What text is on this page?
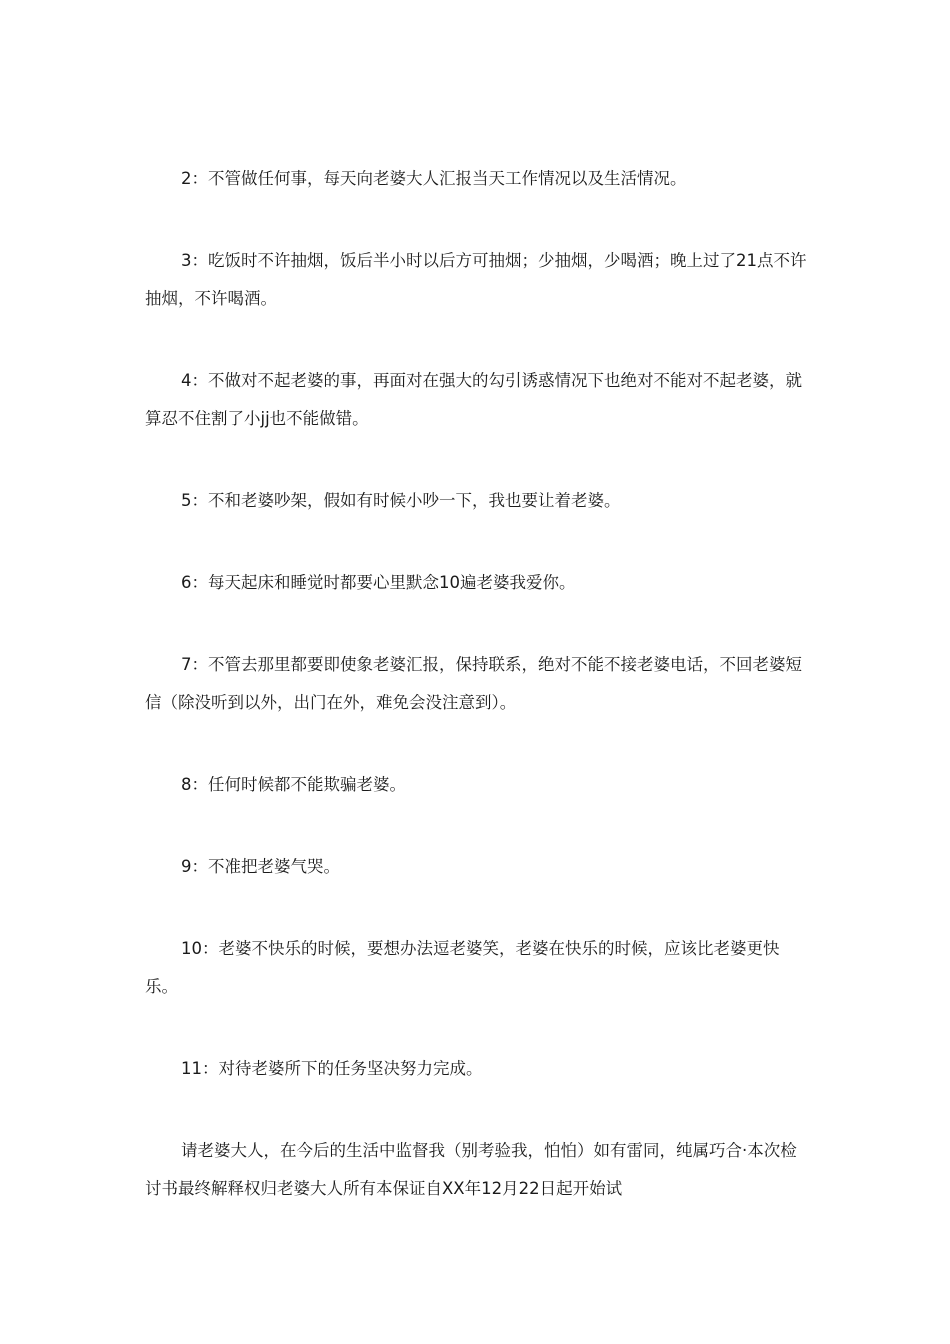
2：不管做任何事，每天向老婆大人汇报当天工作情况以及生活情况。

3：吃饭时不许抽烟，饭后半小时以后方可抽烟；少抽烟，少喝酒；晚上过了21点不许抽烟，不许喝酒。

4：不做对不起老婆的事，再面对在强大的勾引诱惑情况下也绝对不能对不起老婆，就算忍不住割了小jj也不能做错。

5：不和老婆吵架，假如有时候小吵一下，我也要让着老婆。

6：每天起床和睡觉时都要心里默念10遍老婆我爱你。

7：不管去那里都要即使象老婆汇报，保持联系，绝对不能不接老婆电话，不回老婆短信（除没听到以外，出门在外，难免会没注意到）。

8：任何时候都不能欺骗老婆。

9：不准把老婆气哭。

10：老婆不快乐的时候，要想办法逗老婆笑，老婆在快乐的时候，应该比老婆更快乐。

11：对待老婆所下的任务坚决努力完成。

请老婆大人，在今后的生活中监督我（别考验我，怕怕）如有雷同，纯属巧合·本次检讨书最终解释权归老婆大人所有本保证自XX年12月22日起开始试
